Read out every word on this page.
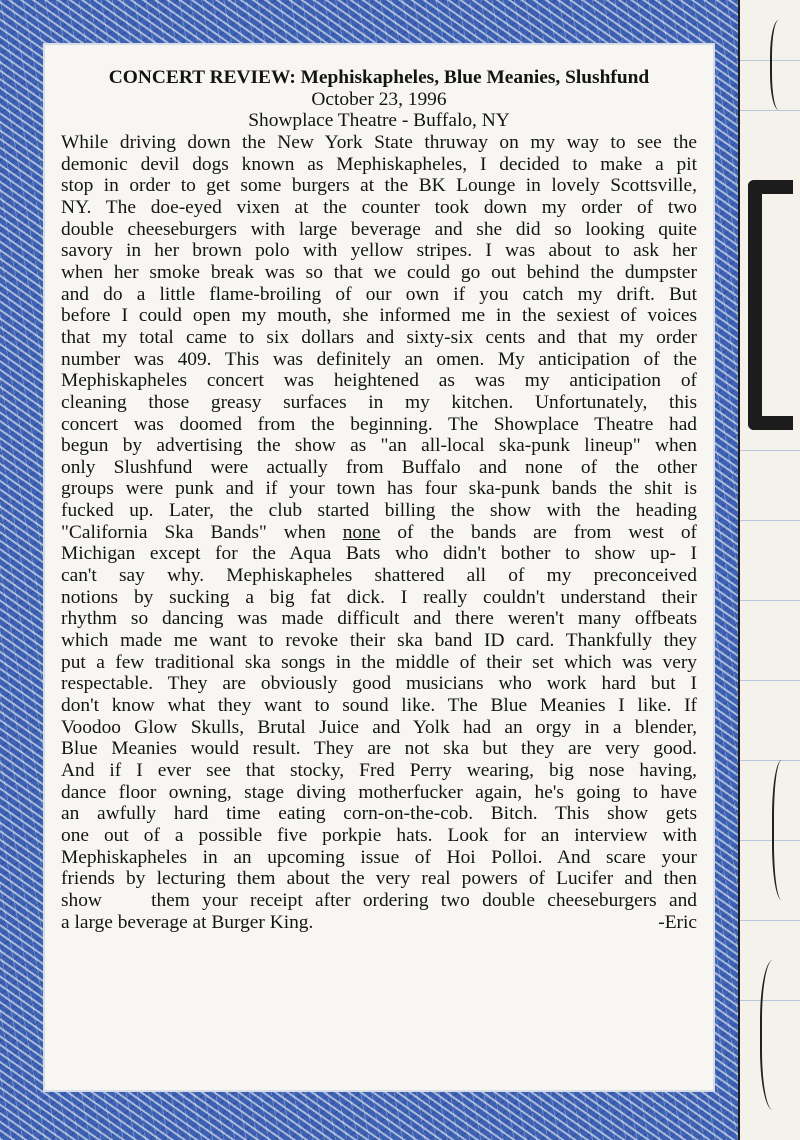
CONCERT REVIEW: Mephiskapheles, Blue Meanies, Slushfund

October 23, 1996

Showplace Theatre - Buffalo, NY

While driving down the New York State thruway on my way to see the
demonic devil dogs known as Mephiskapheles, I decided to make a pit
stop in order to get some burgers at the BK Lounge in lovely Scottsville,
NY. The doe-eyed vixen at the counter took down my order of two
double cheeseburgers with large beverage and she did so looking quite
savory in her brown polo with yellow stripes. I was about to ask her
when her smoke break was so that we could go out behind the dumpster
and do a little flame-broiling of our own if you catch my drift. But
before I could open my mouth, she informed me in the sexiest of voices
that my total came to six dollars and sixty-six cents and that my order
number was 409. This was definitely an omen. My anticipation of the
Mephiskapheles concert was heightened as was my anticipation of
cleaning those greasy surfaces in my kitchen. Unfortunately, this
concert was doomed from the beginning. The Showplace Theatre had
begun by advertising the show as "an all-local ska-punk lineup" when
only Slushfund were actually from Buffalo and none of the other
groups were punk and if your town has four ska-punk bands the shit is
fucked up. Later, the club started billing the show with the heading
"California Ska Bands" when none of the bands are from west of
Michigan except for the Aqua Bats who didn't bother to show up- I
can't say why. Mephiskapheles shattered all of my preconceived
notions by sucking a big fat dick. I really couldn't understand their
rhythm so dancing was made difficult and there weren't many offbeats
which made me want to revoke their ska band ID card. Thankfully they
put a few traditional ska songs in the middle of their set which was very
respectable. They are obviously good musicians who work hard but I
don't know what they want to sound like. The Blue Meanies I like. If
Voodoo Glow Skulls, Brutal Juice and Yolk had an orgy in a blender,
Blue Meanies would result. They are not ska but they are very good.
And if I ever see that stocky, Fred Perry wearing, big nose having,
dance floor owning, stage diving motherfucker again, he's going to have
an awfully hard time eating corn-on-the-cob. Bitch. This show gets
one out of a possible five porkpie hats. Look for an interview with
Mephiskapheles in an upcoming issue of Hoi Polloi. And scare your
friends by lecturing them about the very real powers of Lucifer and then
show    them your receipt after ordering two double cheeseburgers and
a large beverage at Burger King.	-Eric
